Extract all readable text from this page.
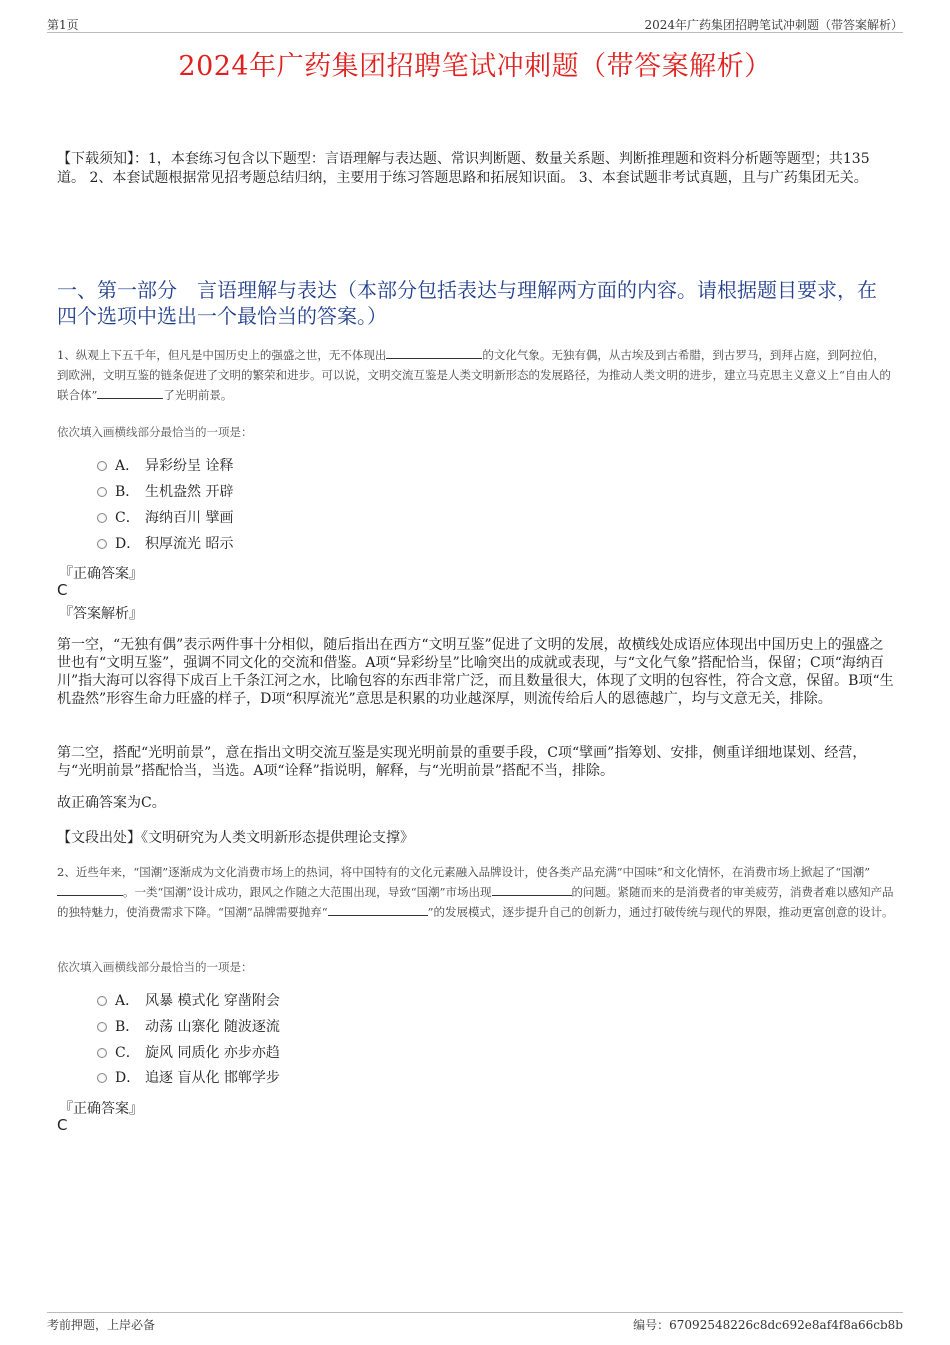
第1页	2024年广药集团招聘笔试冲刺题（带答案解析）
2024年广药集团招聘笔试冲刺题（带答案解析）
【下载须知】：1，本套练习包含以下题型：言语理解与表达题、常识判断题、数量关系题、判断推理题和资料分析题等题型；共135道。 2、本套试题根据常见招考题总结归纳，主要用于练习答题思路和拓展知识面。 3、本套试题非考试真题，且与广药集团无关。
一、第一部分　言语理解与表达（本部分包括表达与理解两方面的内容。请根据题目要求，在四个选项中选出一个最恰当的答案。）
1、纵观上下五千年，但凡是中国历史上的强盛之世，无不体现出	的文化气象。无独有偶，从古埃及到古希腊，到古罗马，到拜占庭，到阿拉伯，到欧洲，文明互鉴的链条促进了文明的繁荣和进步。可以说，文明交流互鉴是人类文明新形态的发展路径，为推动人类文明的进步，建立马克思主义意义上“自由人的联合体”	了光明前景。
依次填入画横线部分最恰当的一项是：
A． 异彩纷呈 诠释
B． 生机盎然 开辟
C． 海纳百川 擘画
D． 积厚流光 昭示
『正确答案』
C
『答案解析』
第一空，“无独有偶”表示两件事十分相似，随后指出在西方“文明互鉴”促进了文明的发展，故横线处成语应体现出中国历史上的强盛之世也有“文明互鉴”，强调不同文化的交流和借鉴。A项“异彩纷呈”比喻突出的成就或表现，与“文化气象”搭配恰当，保留；C项“海纳百川”指大海可以容得下成百上千条江河之水，比喻包容的东西非常广泛，而且数量很大，体现了文明的包容性，符合文意，保留。B项“生机盎然”形容生命力旺盛的样子，D项“积厚流光”意思是积累的功业越深厚，则流传给后人的恩德越广，均与文意无关，排除。
第二空，搭配“光明前景”，意在指出文明交流互鉴是实现光明前景的重要手段，C项“擘画”指筹划、安排，侧重详细地谋划、经营，与“光明前景”搭配恰当，当选。A项“诠释”指说明，解释，与“光明前景”搭配不当，排除。
故正确答案为C。
【文段出处】《文明研究为人类文明新形态提供理论支撑》
2、近些年来，“国潮”逐渐成为文化消费市场上的热词，将中国特有的文化元素融入品牌设计，使各类产品充满“中国味”和文化情怀，在消费市场上掀起了“国潮”。一类“国潮”设计成功，跟风之作随之大范围出现，导致“国潮”市场出现	的问题。紧随而来的是消费者的审美疲劳，消费者难以感知产品的独特魅力，使消费需求下降。“国潮”品牌需要抛弃“	”的发展模式，逐步提升自己的创新力，通过打破传统与现代的界限，推动更富创意的设计。
依次填入画横线部分最恰当的一项是：
A． 风暴 模式化 穿凿附会
B． 动荡 山寨化 随波逐流
C． 旋风 同质化 亦步亦趋
D． 追逐 盲从化 邯郸学步
『正确答案』
C
考前押题，上岸必备	编号：67092548226c8dc692e8af4f8a66cb8b
